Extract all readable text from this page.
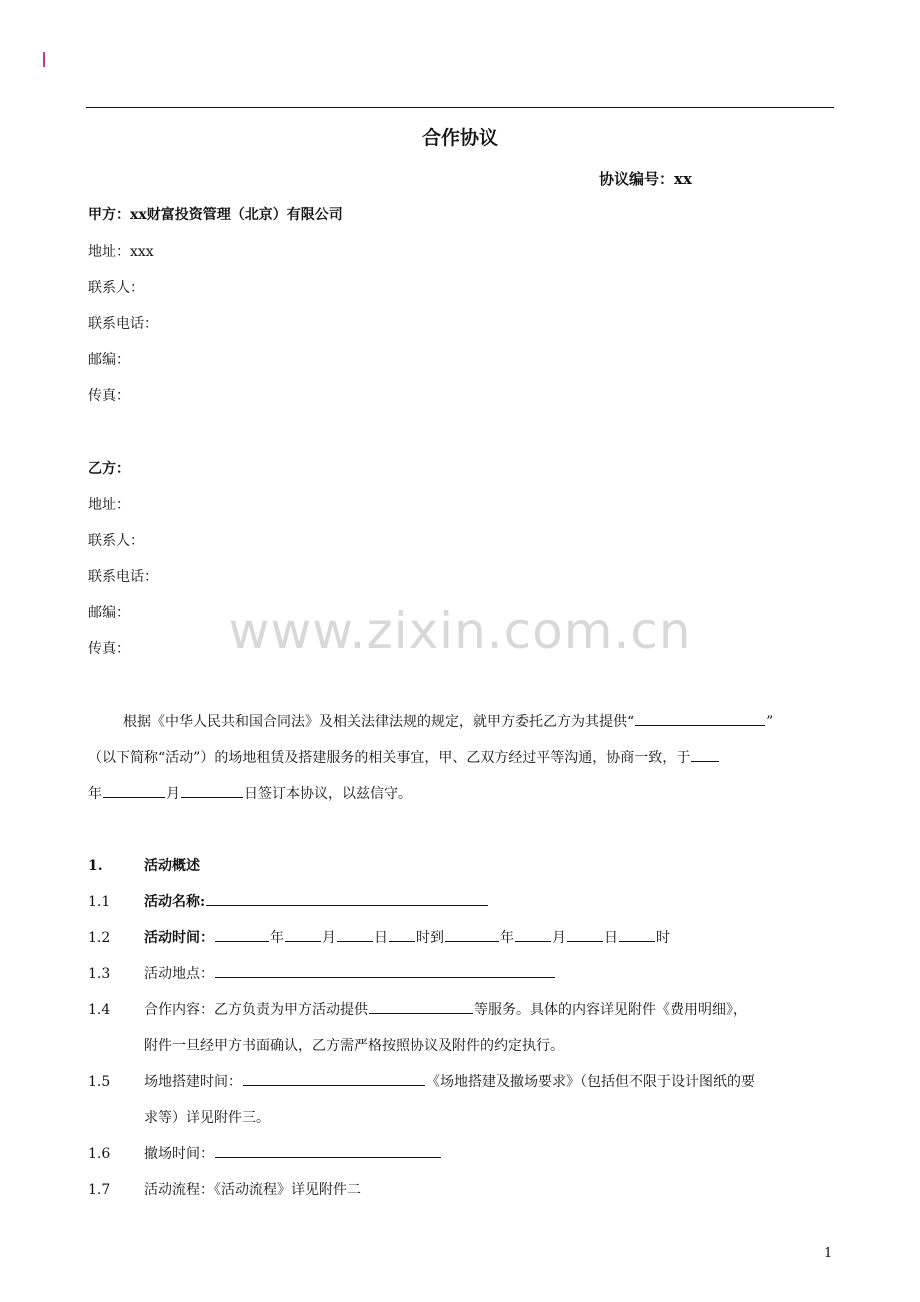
合作协议
协议编号：xx
甲方：xx财富投资管理（北京）有限公司
地址：xxx
联系人：
联系电话：
邮编：
传真：
乙方：
地址：
联系人：
联系电话：
邮编：
传真：	www.zixin.com.cn
根据《中华人民共和国合同法》及相关法律法规的规定，就甲方委托乙方为其提供“	”
（以下简称“活动”）的场地租赁及搭建服务的相关事宜，甲、乙双方经过平等沟通，协商一致，于
年	月	日签订本协议，以兹信守。
1.	活动概述
1.1 活动名称:
1.2 活动时间：	年	月	日 时到	年	月	日	时
1.3 活动地点：
1.4 合作内容：乙方负责为甲方活动提供	等服务。具体的内容详见附件《费用明细》，
附件一旦经甲方书面确认，乙方需严格按照协议及附件的约定执行。
1.5 场地搭建时间：	《场地搭建及撤场要求》（包括但不限于设计图纸的要
求等）详见附件三。
1.6 撤场时间：
1.7 活动流程：《活动流程》详见附件二
1
